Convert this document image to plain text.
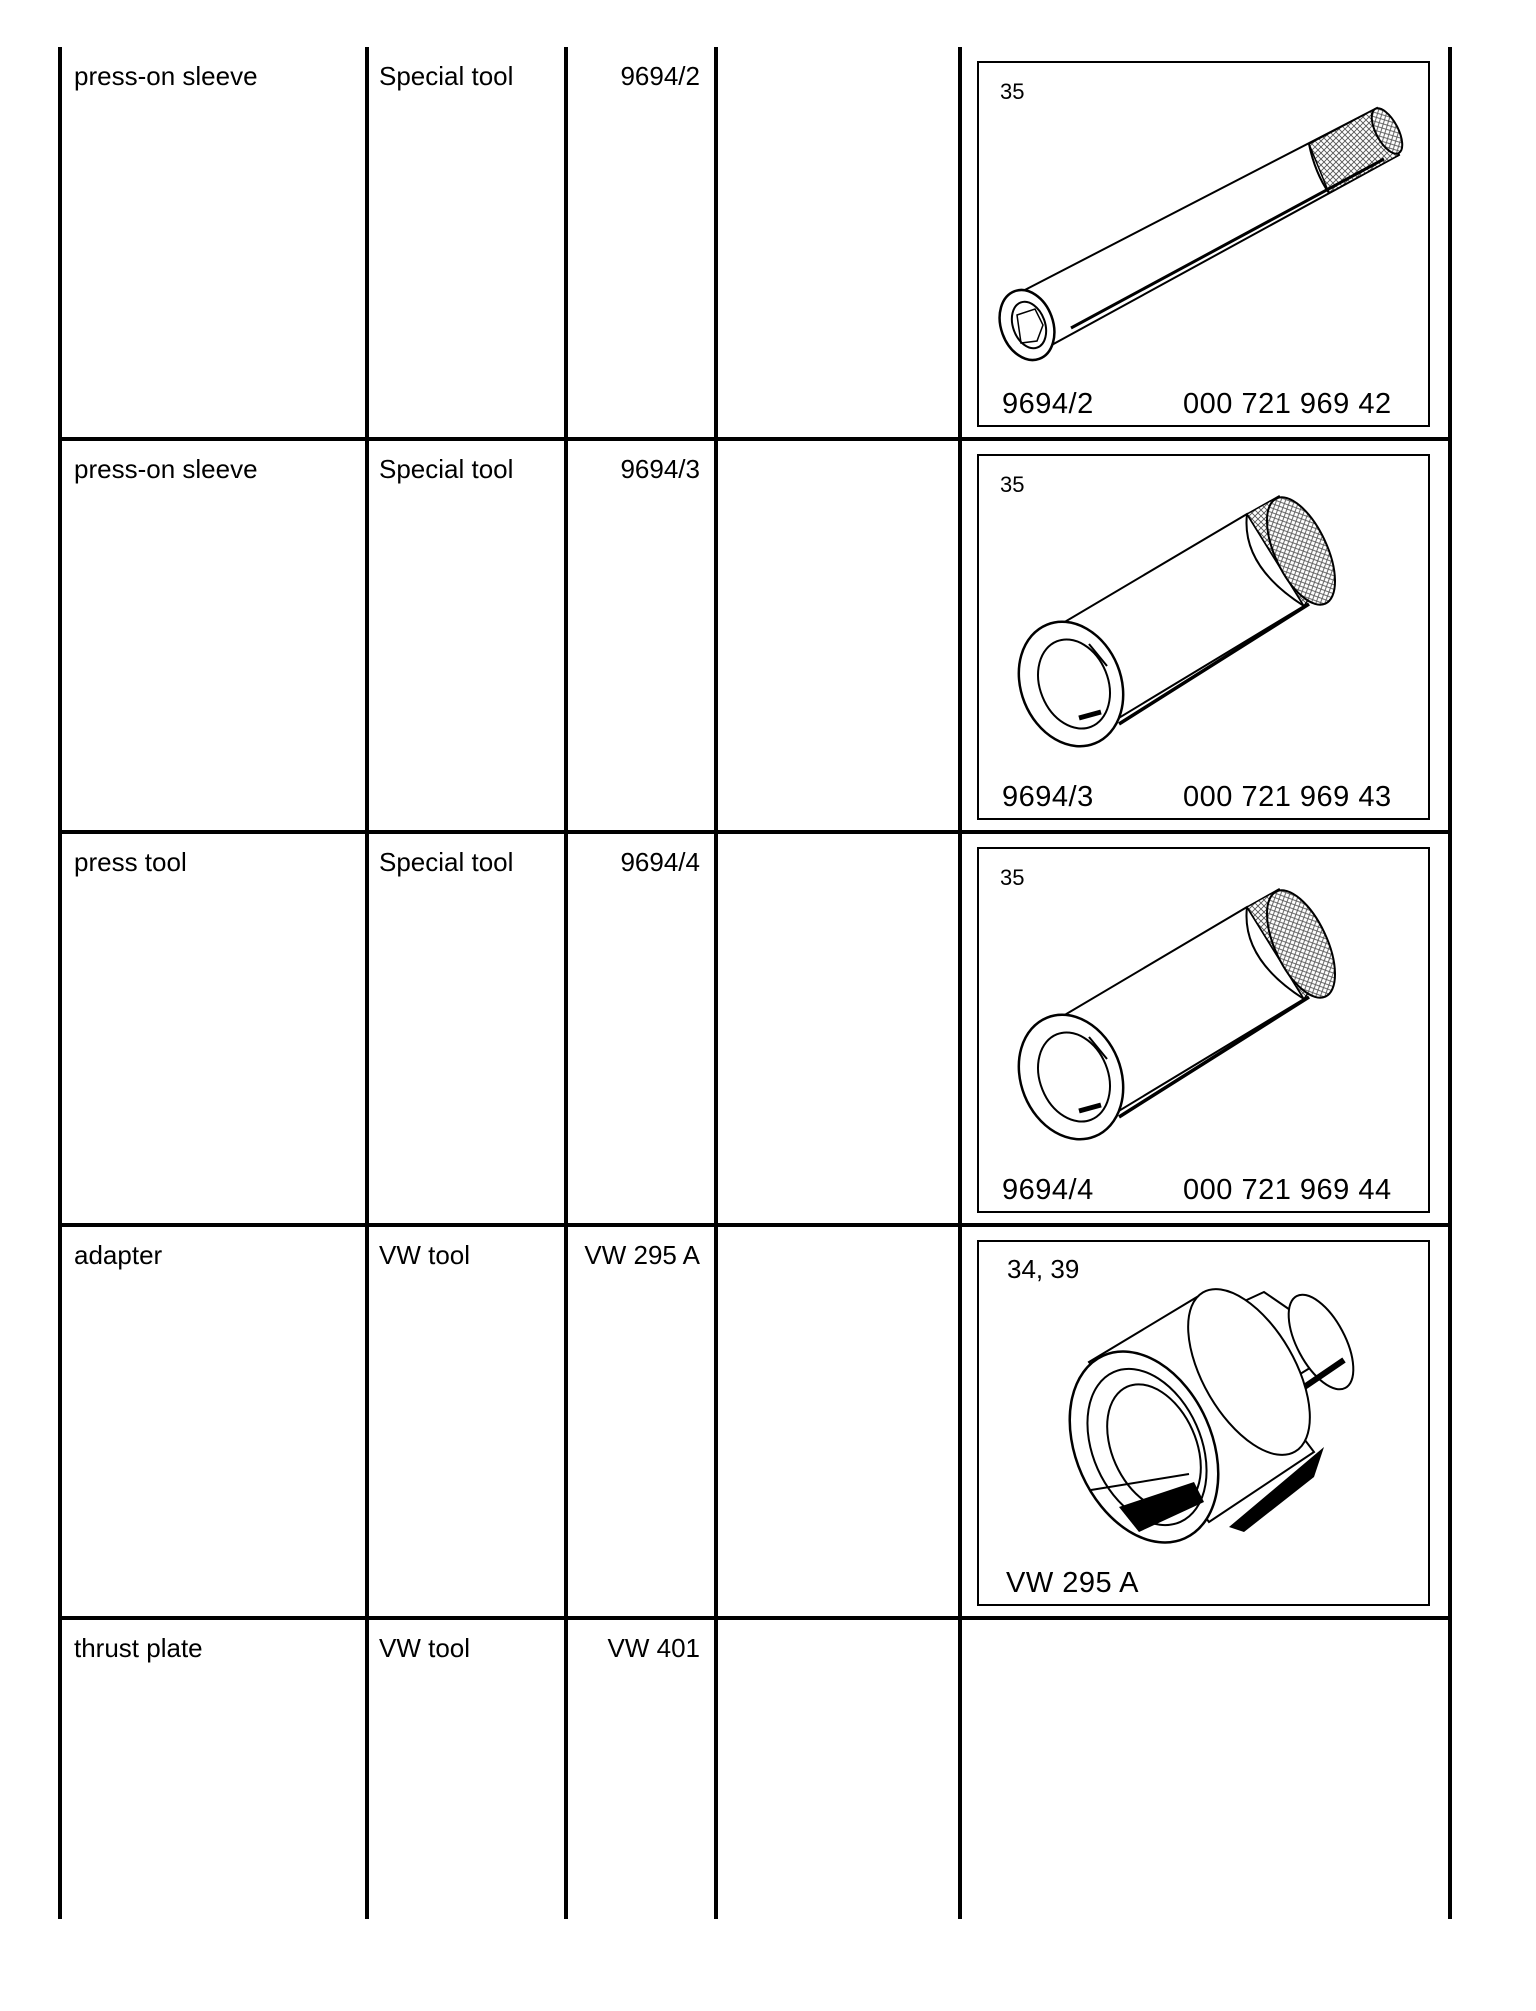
press-on sleeve	Special tool	9694/2
35
9694/2	000 721 969 42
press-on sleeve	Special tool	9694/3
35
9694/3	000 721 969 43
press tool	Special tool	9694/4
35
9694/4	000 721 969 44
adapter	VW tool	VW 295 A	34, 39
VW 295 A
thrust plate	VW tool	VW 401
